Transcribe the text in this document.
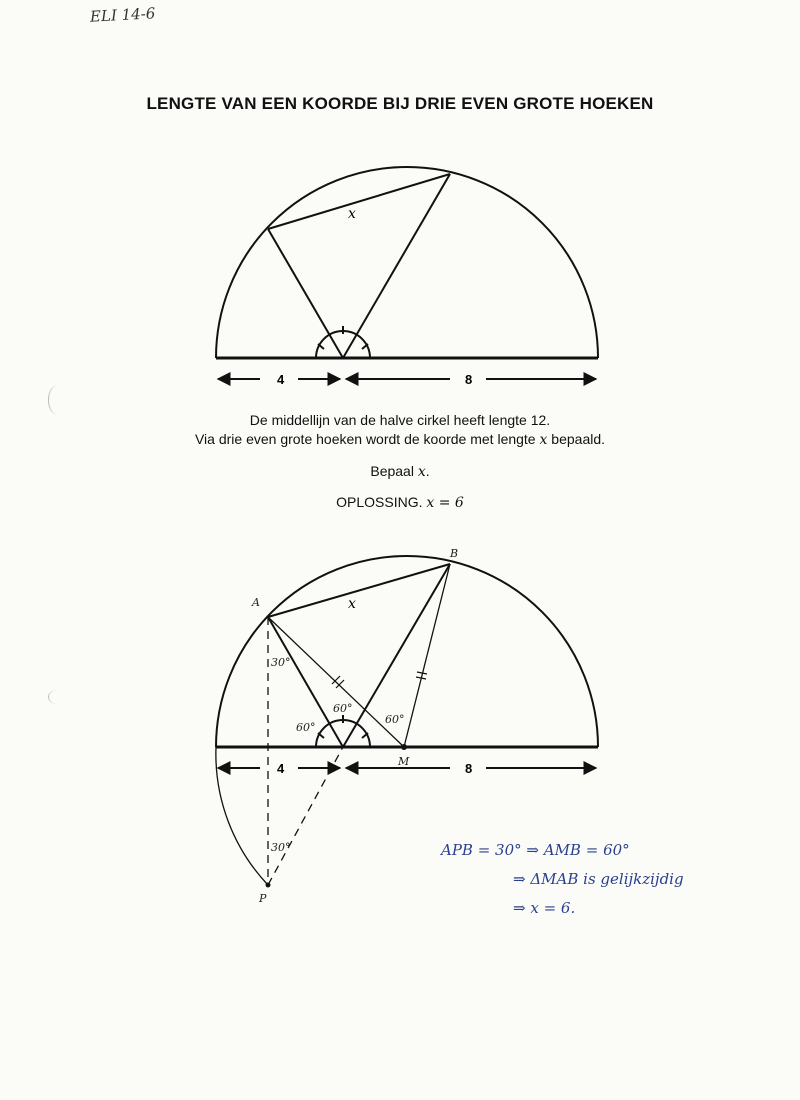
ELI 14-6
LENGTE VAN EEN KOORDE BIJ DRIE EVEN GROTE HOEKEN
x
4	8
De middellijn van de halve cirkel heeft lengte 12.
Via drie even grote hoeken wordt de koorde met lengte x bepaald.
Bepaal x.
OPLOSSING. x = 6
4	8
x
A
B
M
P
30°
30°
60°
60°
60°
APB = 30° ⇒ AMB = 60°
⇒ ΔMAB is gelijkzijdig
⇒ x = 6.
